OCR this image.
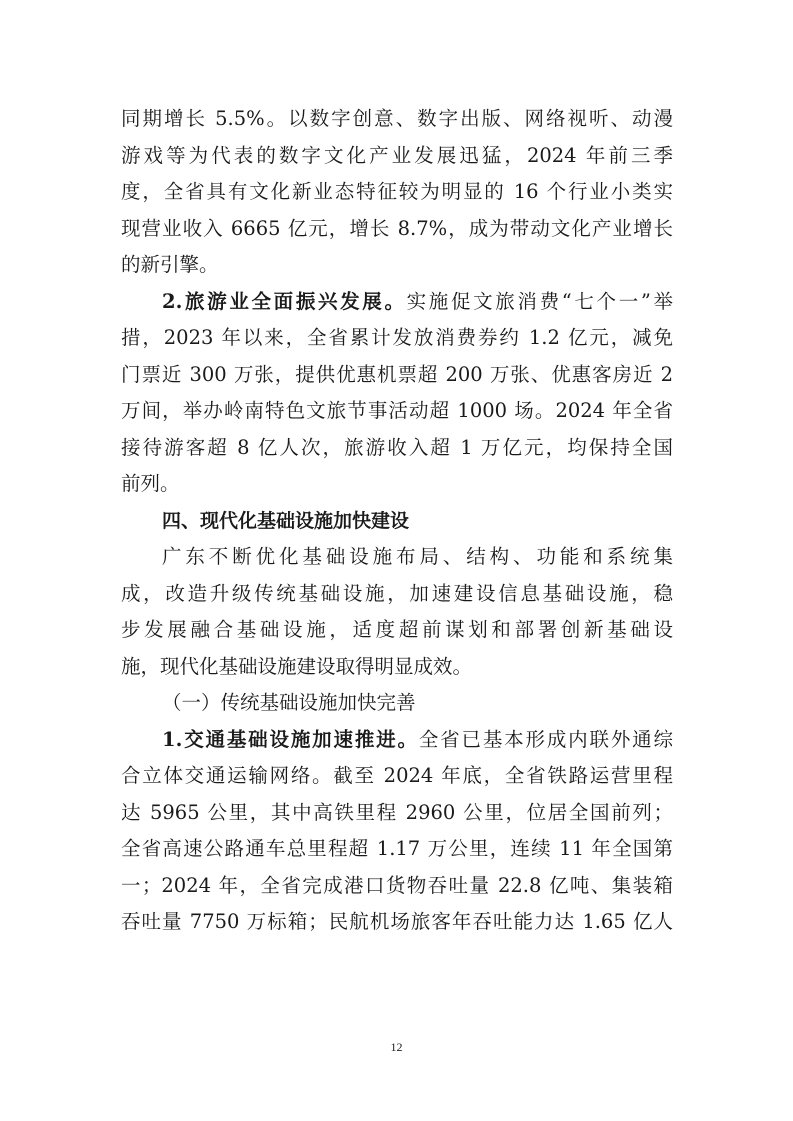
同期增长 5.5%。以数字创意、数字出版、网络视听、动漫
游戏等为代表的数字文化产业发展迅猛，2024 年前三季
度，全省具有文化新业态特征较为明显的 16 个行业小类实
现营业收入 6665 亿元，增长 8.7%，成为带动文化产业增长
的新引擎。
2.旅游业全面振兴发展。实施促文旅消费“七个一”举
措，2023 年以来，全省累计发放消费券约 1.2 亿元，减免
门票近 300 万张，提供优惠机票超 200 万张、优惠客房近 2
万间，举办岭南特色文旅节事活动超 1000 场。2024 年全省
接待游客超 8 亿人次，旅游收入超 1 万亿元，均保持全国
前列。
四、现代化基础设施加快建设
广东不断优化基础设施布局、结构、功能和系统集
成，改造升级传统基础设施，加速建设信息基础设施，稳
步发展融合基础设施，适度超前谋划和部署创新基础设
施，现代化基础设施建设取得明显成效。
（一）传统基础设施加快完善
1.交通基础设施加速推进。全省已基本形成内联外通综
合立体交通运输网络。截至 2024 年底，全省铁路运营里程
达 5965 公里，其中高铁里程 2960 公里，位居全国前列；
全省高速公路通车总里程超 1.17 万公里，连续 11 年全国第
一；2024 年，全省完成港口货物吞吐量 22.8 亿吨、集装箱
吞吐量 7750 万标箱；民航机场旅客年吞吐能力达 1.65 亿人
12
